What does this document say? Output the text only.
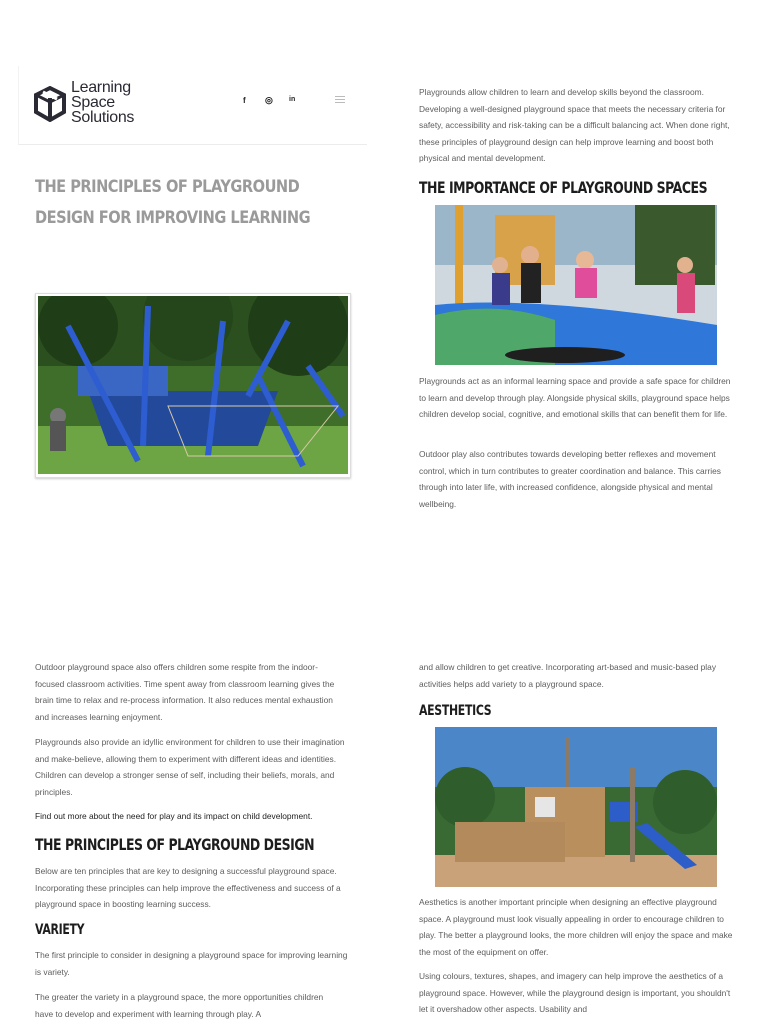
Learning
Space
Solutions
f ◎ in
THE PRINCIPLES OF PLAYGROUND DESIGN FOR IMPROVING LEARNING

Playgrounds allow children to learn and develop skills beyond the classroom. Developing a well-designed playground space that meets the necessary criteria for safety, accessibility and risk-taking can be a difficult balancing act. When done right, these principles of playground design can help improve learning and boost both physical and mental development.

THE IMPORTANCE OF PLAYGROUND SPACES

Playgrounds act as an informal learning space and provide a safe space for children to learn and develop through play. Alongside physical skills, playground space helps children develop social, cognitive, and emotional skills that can benefit them for life.

Outdoor play also contributes towards developing better reflexes and movement control, which in turn contributes to greater coordination and balance. This carries through into later life, with increased confidence, alongside physical and mental wellbeing.

Outdoor playground space also offers children some respite from the indoor-focused classroom activities. Time spent away from classroom learning gives the brain time to relax and re-process information. It also reduces mental exhaustion and increases learning enjoyment.

Playgrounds also provide an idyllic environment for children to use their imagination and make-believe, allowing them to experiment with different ideas and identities. Children can develop a stronger sense of self, including their beliefs, morals, and principles.

Find out more about the need for play and its impact on child development.

THE PRINCIPLES OF PLAYGROUND DESIGN

Below are ten principles that are key to designing a successful playground space. Incorporating these principles can help improve the effectiveness and success of a playground space in boosting learning success.

VARIETY

The first principle to consider in designing a playground space for improving learning is variety.

The greater the variety in a playground space, the more opportunities children have to develop and experiment with learning through play. A

and allow children to get creative. Incorporating art-based and music-based play activities helps add variety to a playground space.

AESTHETICS

Aesthetics is another important principle when designing an effective playground space. A playground must look visually appealing in order to encourage children to play. The better a playground looks, the more children will enjoy the space and make the most of the equipment on offer.

Using colours, textures, shapes, and imagery can help improve the aesthetics of a playground space. However, while the playground design is important, you shouldn't let it overshadow other aspects. Usability and
